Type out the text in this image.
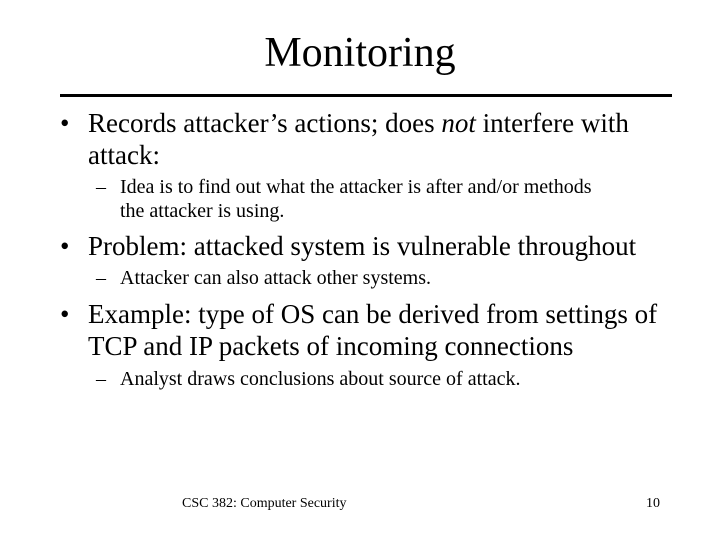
Monitoring
• Records attacker’s actions; does not interfere with attack:
– Idea is to find out what the attacker is after and/or methods the attacker is using.
• Problem: attacked system is vulnerable throughout
– Attacker can also attack other systems.
• Example: type of OS can be derived from settings of TCP and IP packets of incoming connections
– Analyst draws conclusions about source of attack.
CSC 382: Computer Security	10
